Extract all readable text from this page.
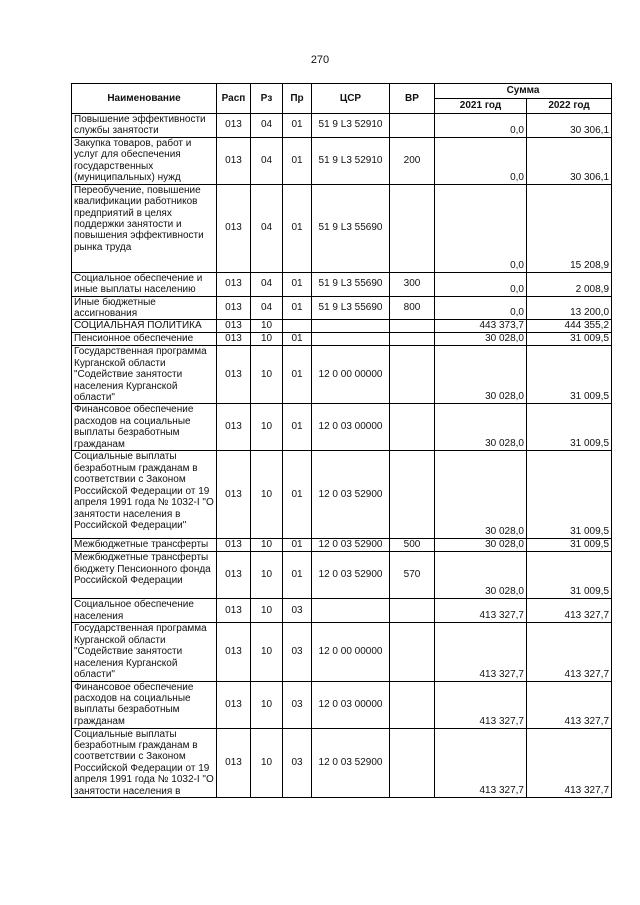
270
Наименование	Расп	Рз	Пр	ЦСР	ВР	Сумма	
						2021 год	2022 год
Повышение эффективности службы занятости	013	04	01	51 9 L3 52910		0,0	30 306,1
Закупка товаров, работ и услуг для обеспечения государственных (муниципальных) нужд	013	04	01	51 9 L3 52910	200	0,0	30 306,1
Переобучение, повышение квалификации работников предприятий в целях поддержки занятости и повышения эффективности рынка труда	013	04	01	51 9 L3 55690		0,0	15 208,9
Социальное обеспечение и иные выплаты населению	013	04	01	51 9 L3 55690	300	0,0	2 008,9
Иные бюджетные ассигнования	013	04	01	51 9 L3 55690	800	0,0	13 200,0
СОЦИАЛЬНАЯ ПОЛИТИКА	013	10				443 373,7	444 355,2
Пенсионное обеспечение	013	10	01			30 028,0	31 009,5
Государственная программа Курганской области "Содействие занятости населения Курганской области"	013	10	01	12 0 00 00000		30 028,0	31 009,5
Финансовое обеспечение расходов на социальные выплаты безработным гражданам	013	10	01	12 0 03 00000		30 028,0	31 009,5
Социальные выплаты безработным гражданам в соответствии с Законом Российской Федерации от 19 апреля 1991 года № 1032-I "О занятости населения в Российской Федерации"	013	10	01	12 0 03 52900		30 028,0	31 009,5
Межбюджетные трансферты	013	10	01	12 0 03 52900	500	30 028,0	31 009,5
Межбюджетные трансферты бюджету Пенсионного фонда Российской Федерации	013	10	01	12 0 03 52900	570	30 028,0	31 009,5
Социальное обеспечение населения	013	10	03			413 327,7	413 327,7
Государственная программа Курганской области "Содействие занятости населения Курганской области"	013	10	03	12 0 00 00000		413 327,7	413 327,7
Финансовое обеспечение расходов на социальные выплаты безработным гражданам	013	10	03	12 0 03 00000		413 327,7	413 327,7
Социальные выплаты безработным гражданам в соответствии с Законом Российской Федерации от 19 апреля 1991 года № 1032-I "О занятости населения в	013	10	03	12 0 03 52900		413 327,7	413 327,7
